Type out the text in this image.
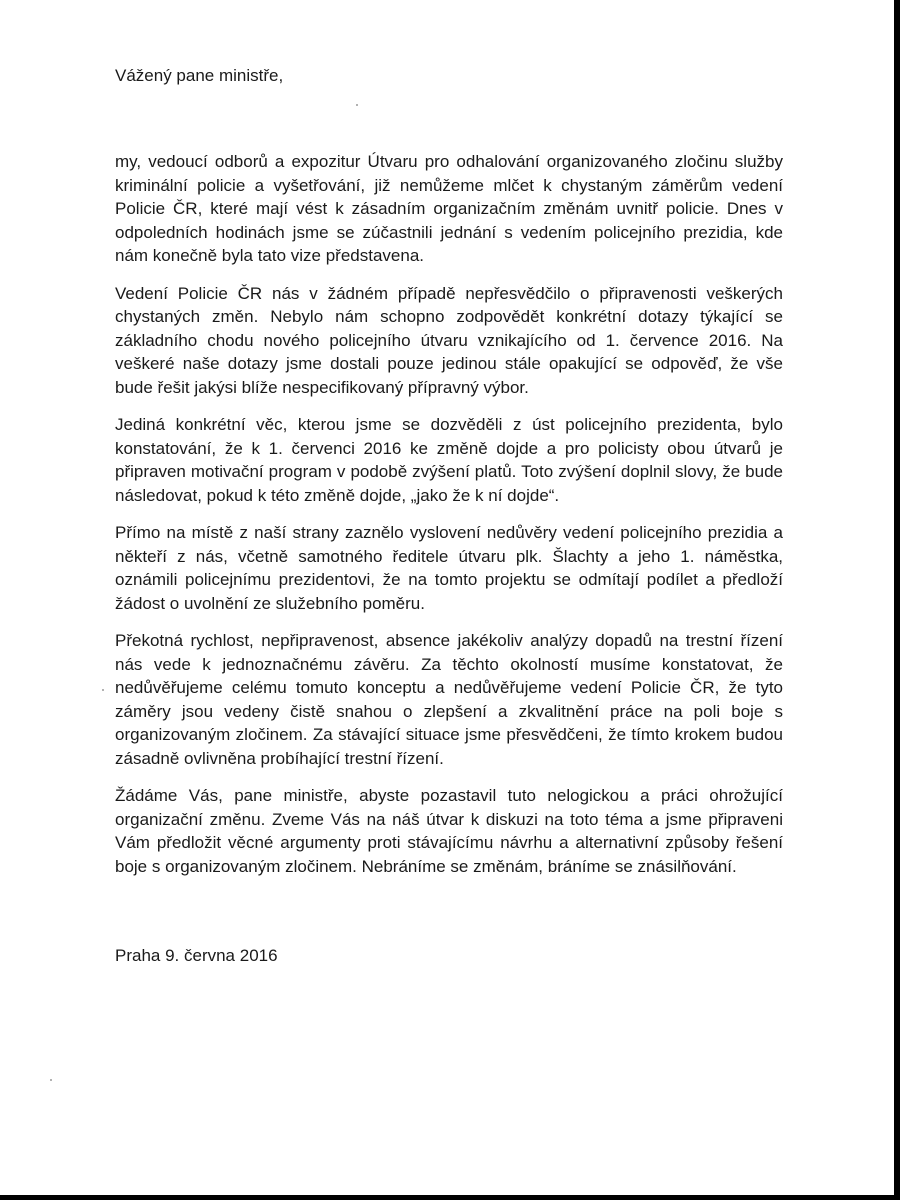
Vážený pane ministře,

my, vedoucí odborů a expozitur Útvaru pro odhalování organizovaného zločinu služby kriminální policie a vyšetřování, již nemůžeme mlčet k chystaným záměrům vedení Policie ČR, které mají vést k zásadním organizačním změnám uvnitř policie. Dnes v odpoledních hodinách jsme se zúčastnili jednání s vedením policejního prezidia, kde nám konečně byla tato vize představena.

Vedení Policie ČR nás v žádném případě nepřesvědčilo o připravenosti veškerých chystaných změn. Nebylo nám schopno zodpovědět konkrétní dotazy týkající se základního chodu nového policejního útvaru vznikajícího od 1. července 2016. Na veškeré naše dotazy jsme dostali pouze jedinou stále opakující se odpověď, že vše bude řešit jakýsi blíže nespecifikovaný přípravný výbor.

Jediná konkrétní věc, kterou jsme se dozvěděli z úst policejního prezidenta, bylo konstatování, že k 1. červenci 2016 ke změně dojde a pro policisty obou útvarů je připraven motivační program v podobě zvýšení platů. Toto zvýšení doplnil slovy, že bude následovat, pokud k této změně dojde, „jako že k ní dojde“.

Přímo na místě z naší strany zaznělo vyslovení nedůvěry vedení policejního prezidia a někteří z nás, včetně samotného ředitele útvaru plk. Šlachty a jeho 1. náměstka, oznámili policejnímu prezidentovi, že na tomto projektu se odmítají podílet a předloží žádost o uvolnění ze služebního poměru.

Překotná rychlost, nepřipravenost, absence jakékoliv analýzy dopadů na trestní řízení nás vede k jednoznačnému závěru. Za těchto okolností musíme konstatovat, že nedůvěřujeme celému tomuto konceptu a nedůvěřujeme vedení Policie ČR, že tyto záměry jsou vedeny čistě snahou o zlepšení a zkvalitnění práce na poli boje s organizovaným zločinem. Za stávající situace jsme přesvědčeni, že tímto krokem budou zásadně ovlivněna probíhající trestní řízení.

Žádáme Vás, pane ministře, abyste pozastavil tuto nelogickou a práci ohrožující organizační změnu. Zveme Vás na náš útvar k diskuzi na toto téma a jsme připraveni Vám předložit věcné argumenty proti stávajícímu návrhu a alternativní způsoby řešení boje s organizovaným zločinem. Nebráníme se změnám, bráníme se znásilňování.

Praha 9. června 2016
